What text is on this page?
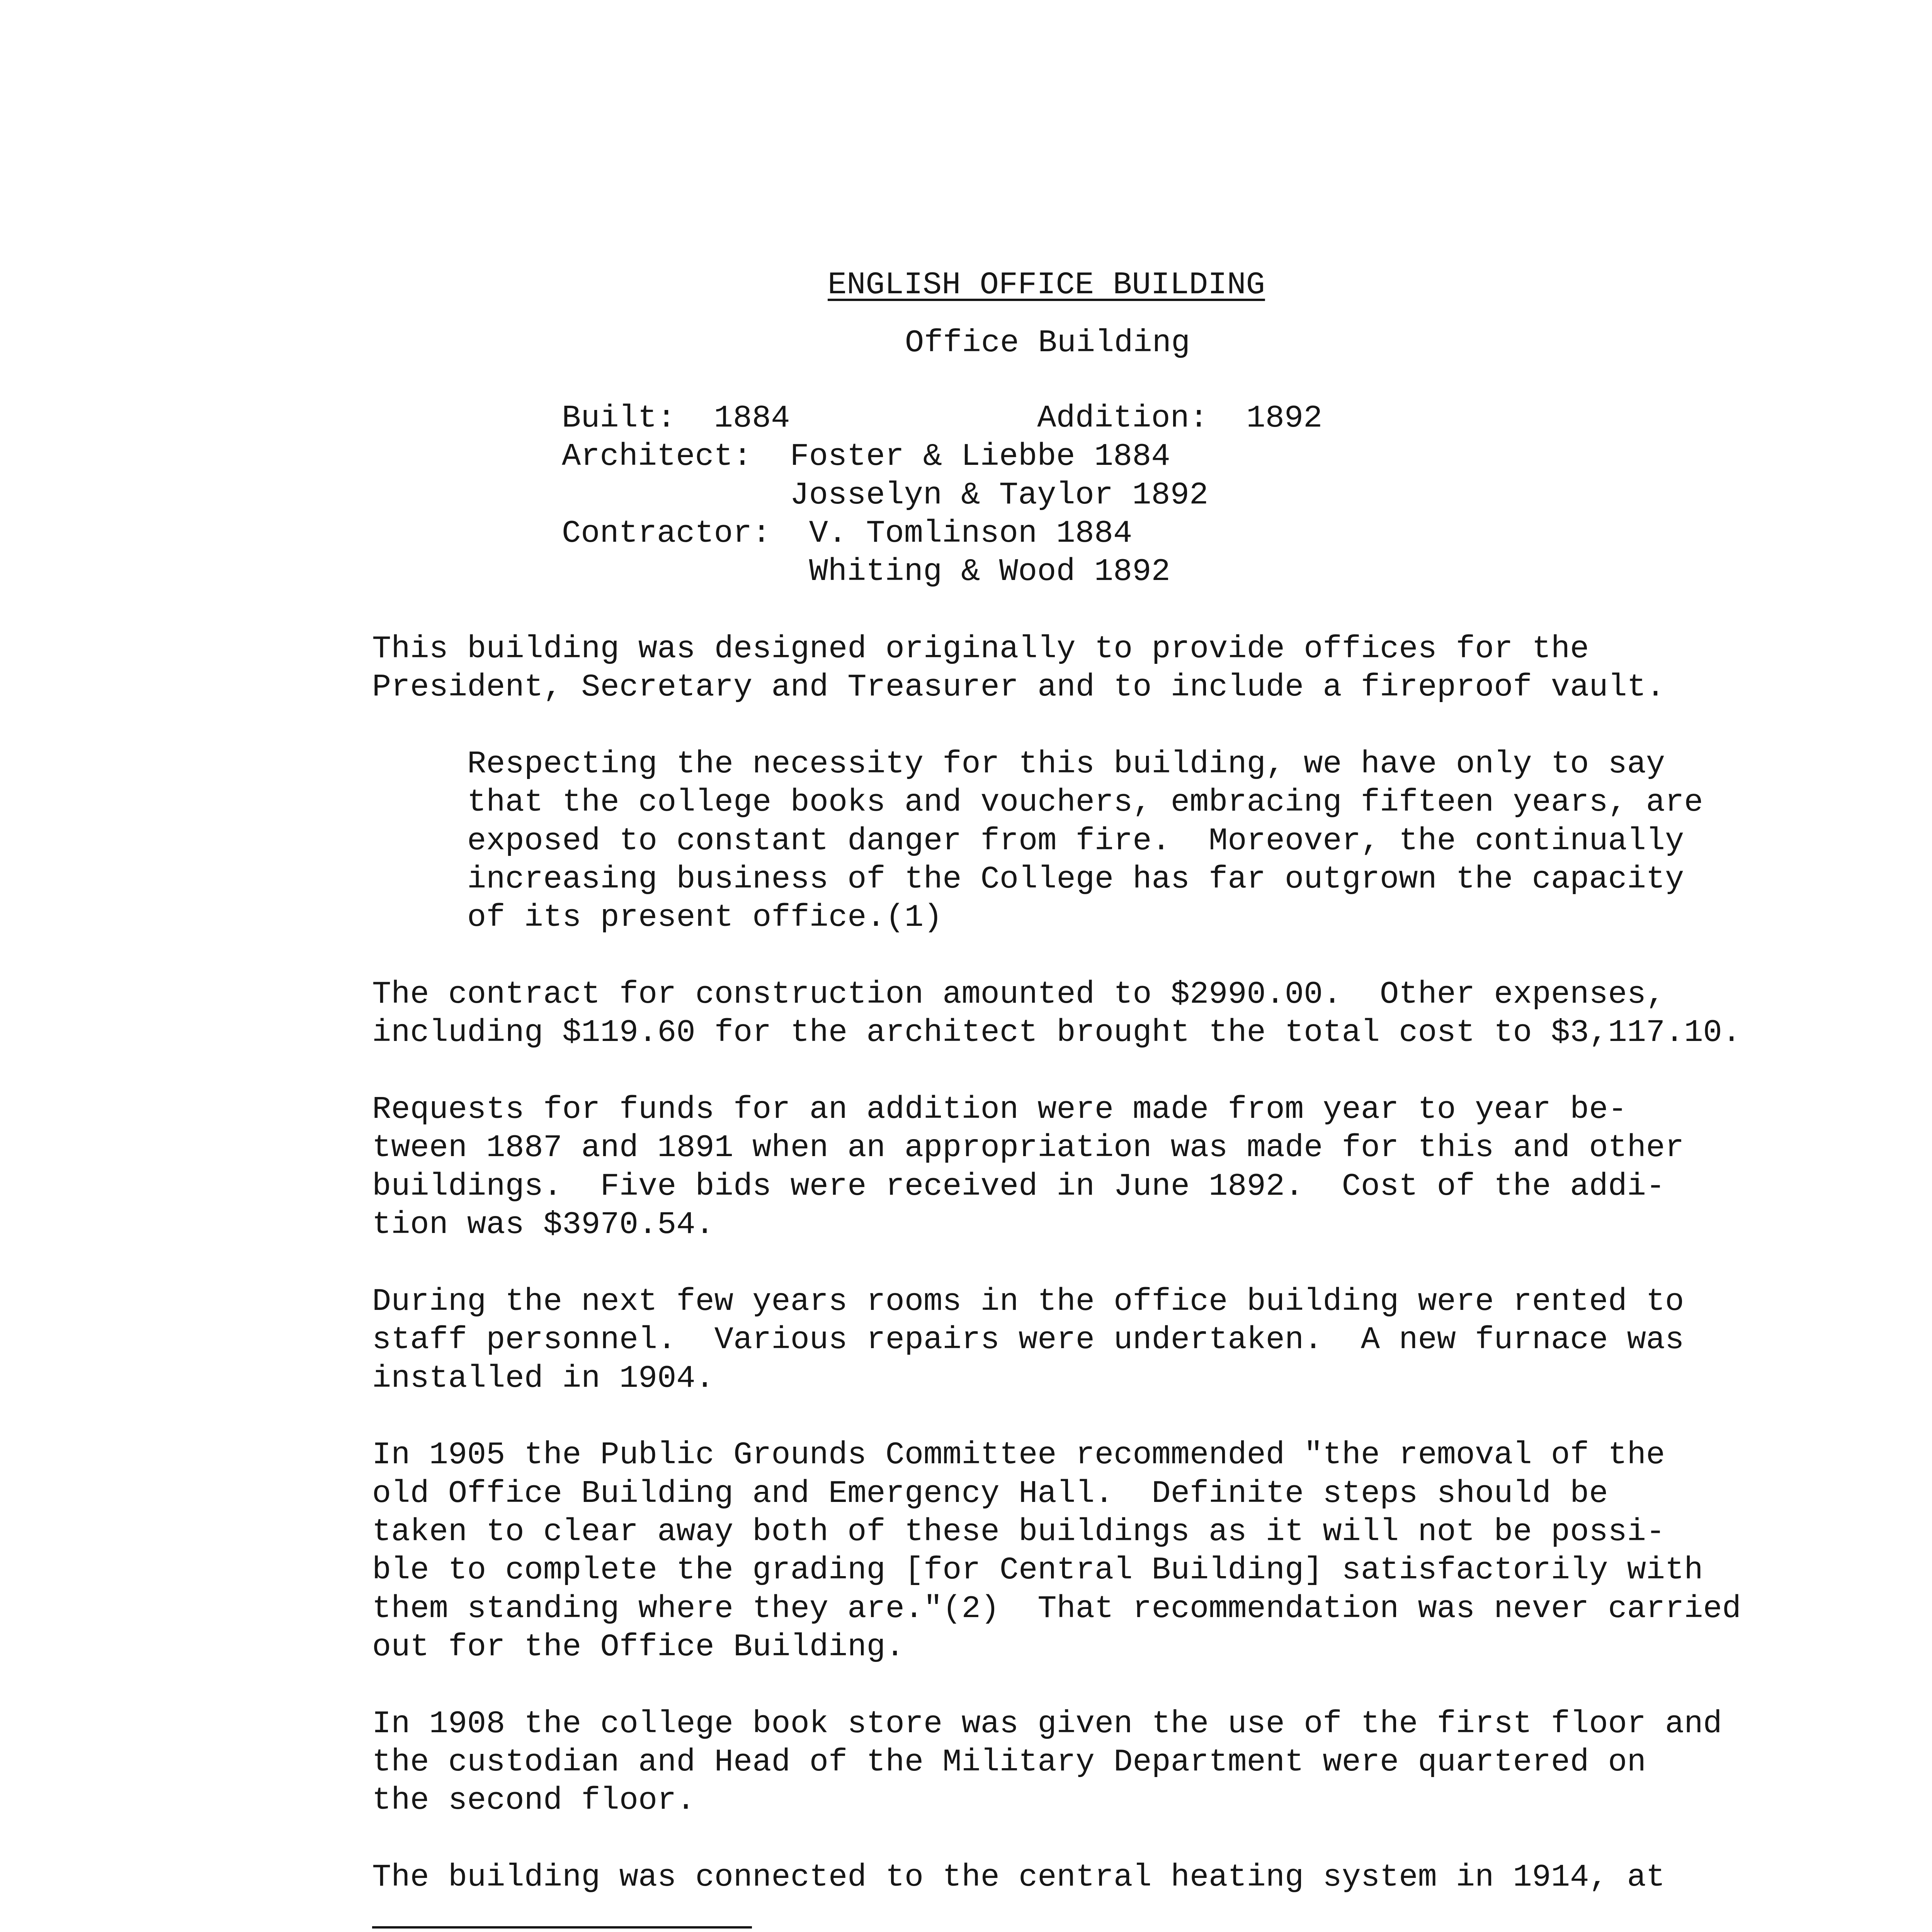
ENGLISH OFFICE BUILDING
Office Building
Built: 1884	Addition: 1892
Architect: Foster & Liebbe 1884
Josselyn & Taylor 1892
Contractor: V. Tomlinson 1884
Whiting & Wood 1892

This building was designed originally to provide offices for the
President, Secretary and Treasurer and to include a fireproof vault.

Respecting the necessity for this building, we have only to say
that the college books and vouchers, embracing fifteen years, are
exposed to constant danger from fire.  Moreover, the continually
increasing business of the College has far outgrown the capacity
of its present office.(1)

The contract for construction amounted to $2990.00.  Other expenses,
including $119.60 for the architect brought the total cost to $3,117.10.

Requests for funds for an addition were made from year to year be-
tween 1887 and 1891 when an appropriation was made for this and other
buildings.  Five bids were received in June 1892.  Cost of the addi-
tion was $3970.54.

During the next few years rooms in the office building were rented to
staff personnel.  Various repairs were undertaken.  A new furnace was
installed in 1904.

In 1905 the Public Grounds Committee recommended "the removal of the
old Office Building and Emergency Hall.  Definite steps should be
taken to clear away both of these buildings as it will not be possi-
ble to complete the grading [for Central Building] satisfactorily with
them standing where they are."(2)  That recommendation was never carried
out for the Office Building.

In 1908 the college book store was given the use of the first floor and
the custodian and Head of the Military Department were quartered on
the second floor.

The building was connected to the central heating system in 1914, at
